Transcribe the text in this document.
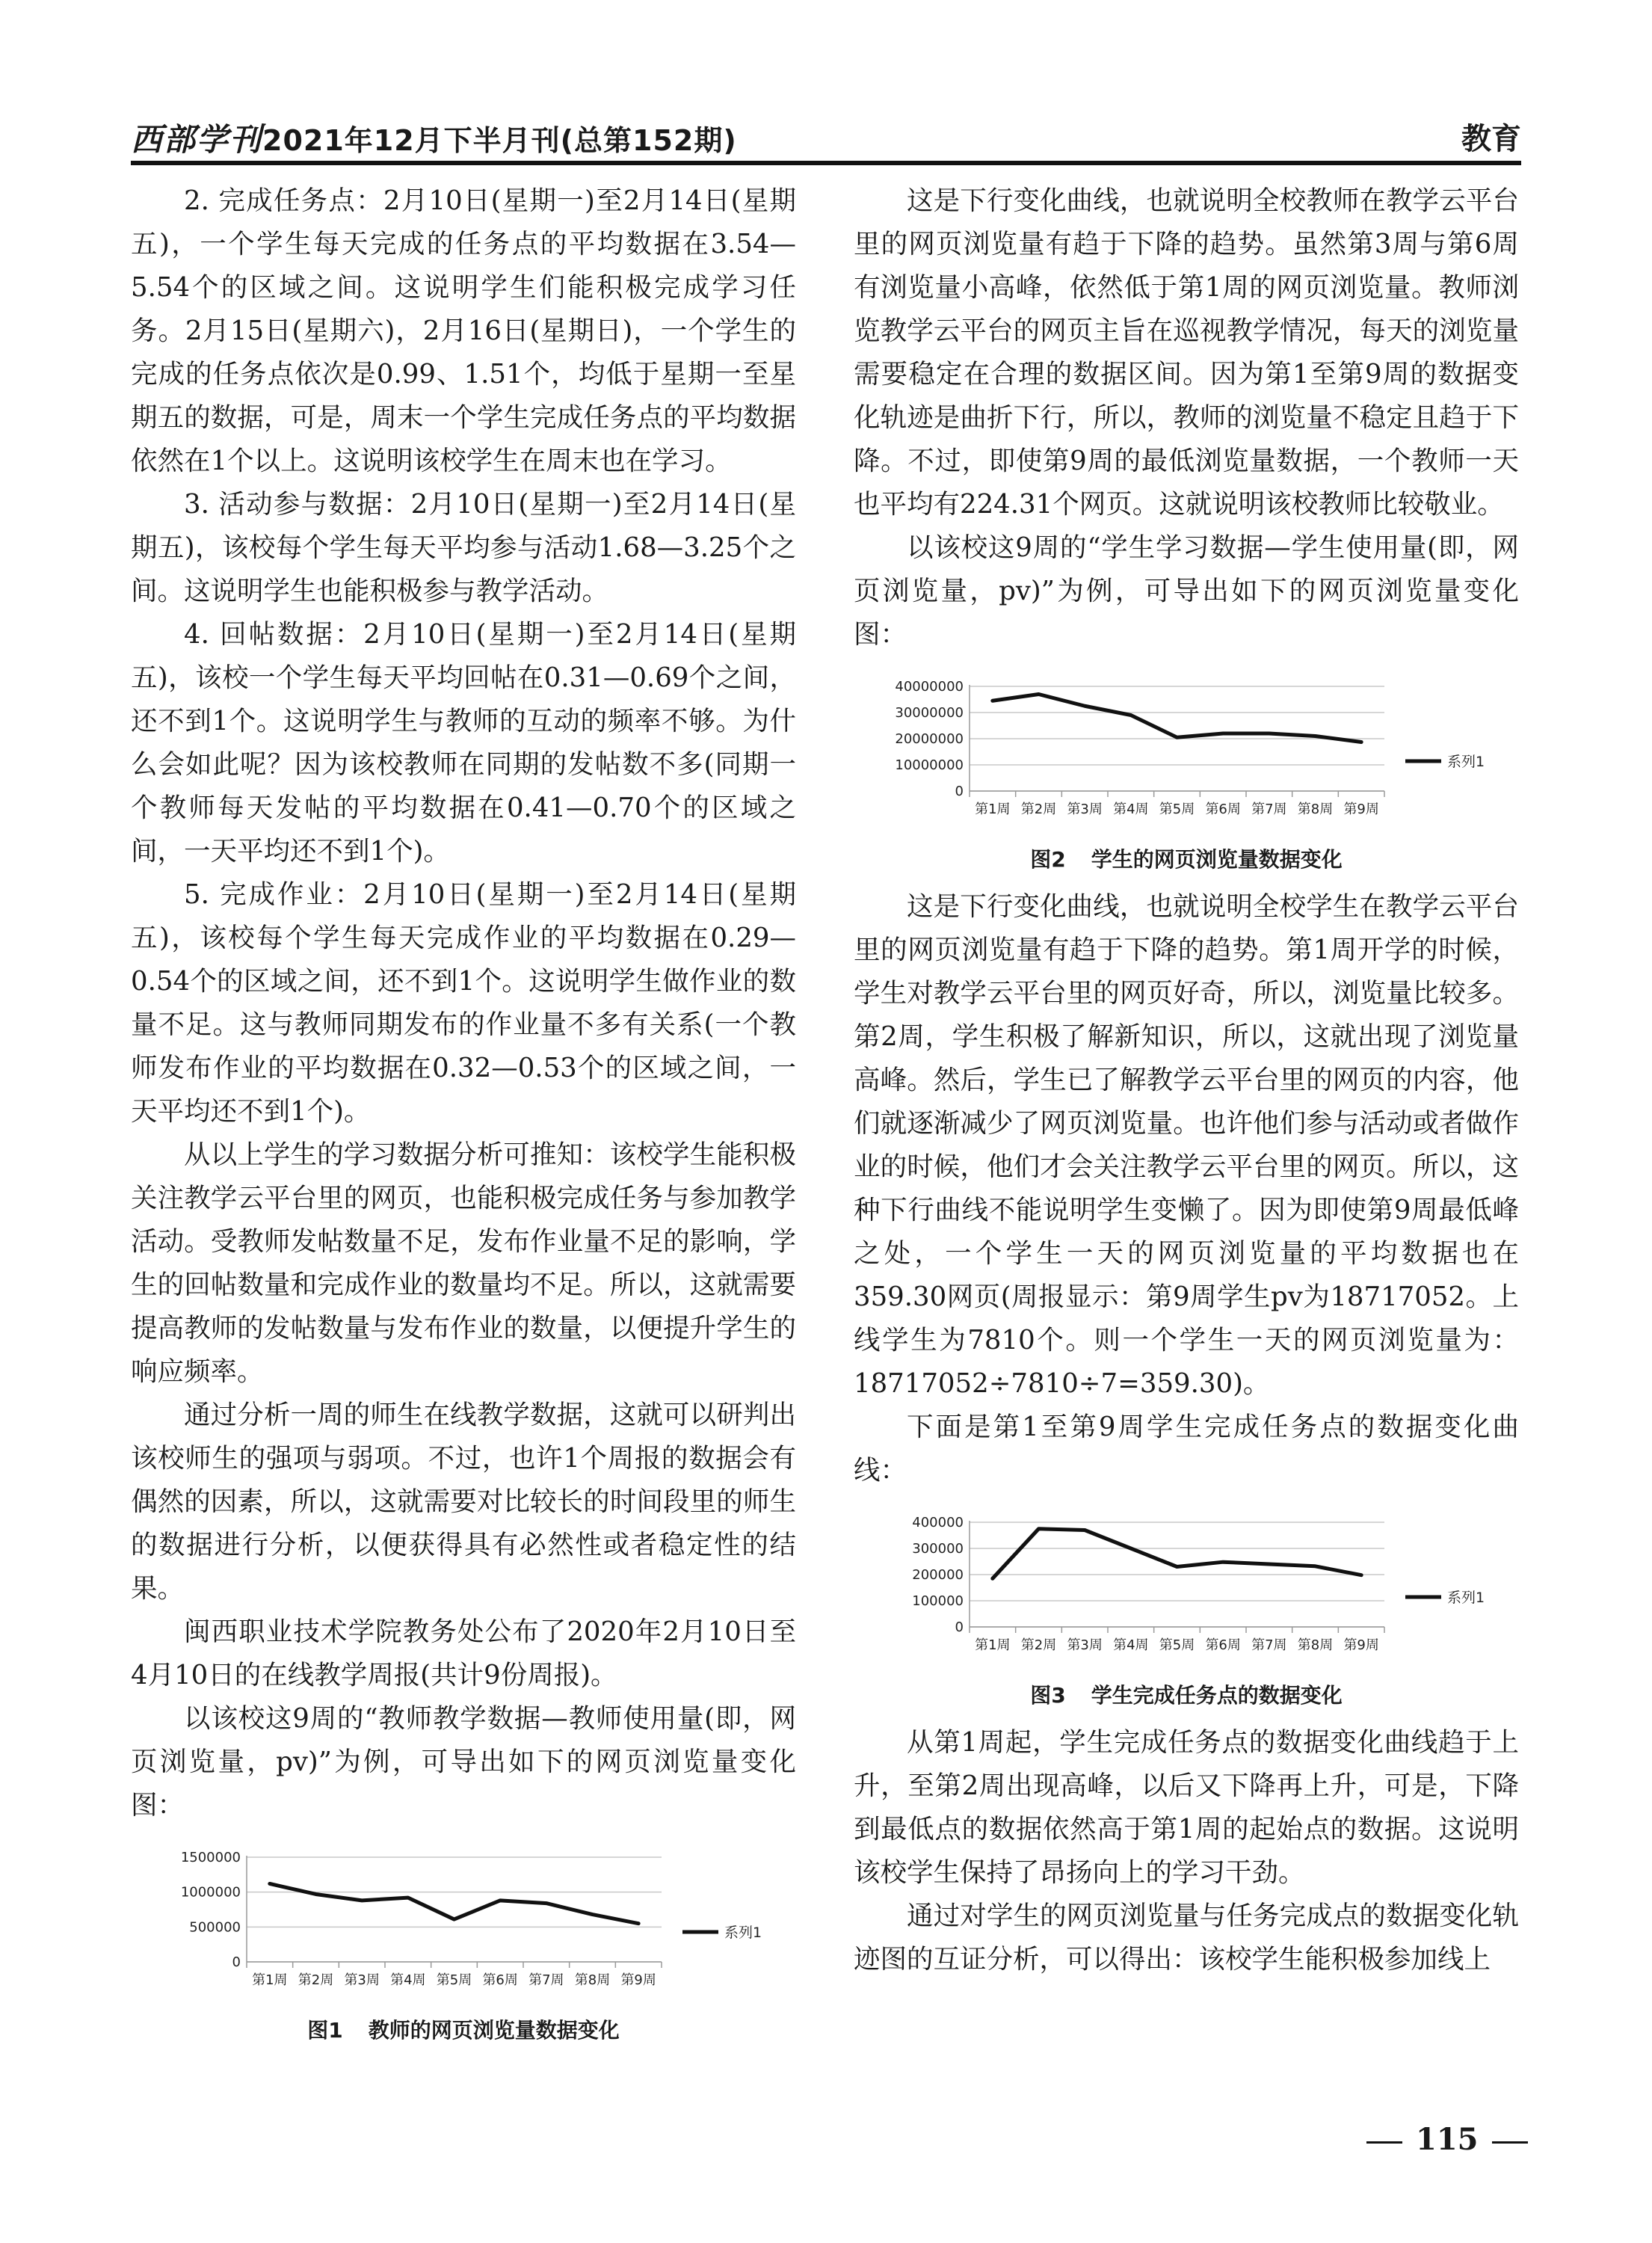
西部学刊2021年12月下半月刊(总第152期)	教育

2. 完成任务点：2月10日(星期一)至2月14日(星期五)，一个学生每天完成的任务点的平均数据在3.54—5.54个的区域之间。这说明学生们能积极完成学习任务。2月15日(星期六)，2月16日(星期日)，一个学生的完成的任务点依次是0.99、1.51个，均低于星期一至星期五的数据，可是，周末一个学生完成任务点的平均数据依然在1个以上。这说明该校学生在周末也在学习。

3. 活动参与数据：2月10日(星期一)至2月14日(星期五)，该校每个学生每天平均参与活动1.68—3.25个之间。这说明学生也能积极参与教学活动。

4. 回帖数据：2月10日(星期一)至2月14日(星期五)，该校一个学生每天平均回帖在0.31—0.69个之间，还不到1个。这说明学生与教师的互动的频率不够。为什么会如此呢？因为该校教师在同期的发帖数不多(同期一个教师每天发帖的平均数据在0.41—0.70个的区域之间，一天平均还不到1个)。

5. 完成作业：2月10日(星期一)至2月14日(星期五)，该校每个学生每天完成作业的平均数据在0.29—0.54个的区域之间，还不到1个。这说明学生做作业的数量不足。这与教师同期发布的作业量不多有关系(一个教师发布作业的平均数据在0.32—0.53个的区域之间，一天平均还不到1个)。

从以上学生的学习数据分析可推知：该校学生能积极关注教学云平台里的网页，也能积极完成任务与参加教学活动。受教师发帖数量不足，发布作业量不足的影响，学生的回帖数量和完成作业的数量均不足。所以，这就需要提高教师的发帖数量与发布作业的数量，以便提升学生的响应频率。

通过分析一周的师生在线教学数据，这就可以研判出该校师生的强项与弱项。不过，也许1个周报的数据会有偶然的因素，所以，这就需要对比较长的时间段里的师生的数据进行分析，以便获得具有必然性或者稳定性的结果。

闽西职业技术学院教务处公布了2020年2月10日至4月10日的在线教学周报(共计9份周报)。

以该校这9周的“教师教学数据—教师使用量(即，网页浏览量，pv)”为例，可导出如下的网页浏览量变化图：

0
500000
1000000
1500000
第1周 第2周 第3周 第4周 第5周 第6周 第7周 第8周 第9周
系列1
图1 教师的网页浏览量数据变化

这是下行变化曲线，也就说明全校教师在教学云平台里的网页浏览量有趋于下降的趋势。虽然第3周与第6周有浏览量小高峰，依然低于第1周的网页浏览量。教师浏览教学云平台的网页主旨在巡视教学情况，每天的浏览量需要稳定在合理的数据区间。因为第1至第9周的数据变化轨迹是曲折下行，所以，教师的浏览量不稳定且趋于下降。不过，即使第9周的最低浏览量数据，一个教师一天也平均有224.31个网页。这就说明该校教师比较敬业。

以该校这9周的“学生学习数据—学生使用量(即，网页浏览量，pv)”为例，可导出如下的网页浏览量变化图：

0
10000000
20000000
30000000
40000000
第1周 第2周 第3周 第4周 第5周 第6周 第7周 第8周 第9周
系列1
图2 学生的网页浏览量数据变化

这是下行变化曲线，也就说明全校学生在教学云平台里的网页浏览量有趋于下降的趋势。第1周开学的时候，学生对教学云平台里的网页好奇，所以，浏览量比较多。第2周，学生积极了解新知识，所以，这就出现了浏览量高峰。然后，学生已了解教学云平台里的网页的内容，他们就逐渐减少了网页浏览量。也许他们参与活动或者做作业的时候，他们才会关注教学云平台里的网页。所以，这种下行曲线不能说明学生变懒了。因为即使第9周最低峰之处，一个学生一天的网页浏览量的平均数据也在359.30网页(周报显示：第9周学生pv为18717052。上线学生为7810个。则一个学生一天的网页浏览量为：18717052÷7810÷7=359.30)。

下面是第1至第9周学生完成任务点的数据变化曲线：

0
100000
200000
300000
400000
第1周 第2周 第3周 第4周 第5周 第6周 第7周 第8周 第9周
系列1
图3 学生完成任务点的数据变化

从第1周起，学生完成任务点的数据变化曲线趋于上升，至第2周出现高峰，以后又下降再上升，可是，下降到最低点的数据依然高于第1周的起始点的数据。这说明该校学生保持了昂扬向上的学习干劲。

通过对学生的网页浏览量与任务完成点的数据变化轨迹图的互证分析，可以得出：该校学生能积极参加线上

115
